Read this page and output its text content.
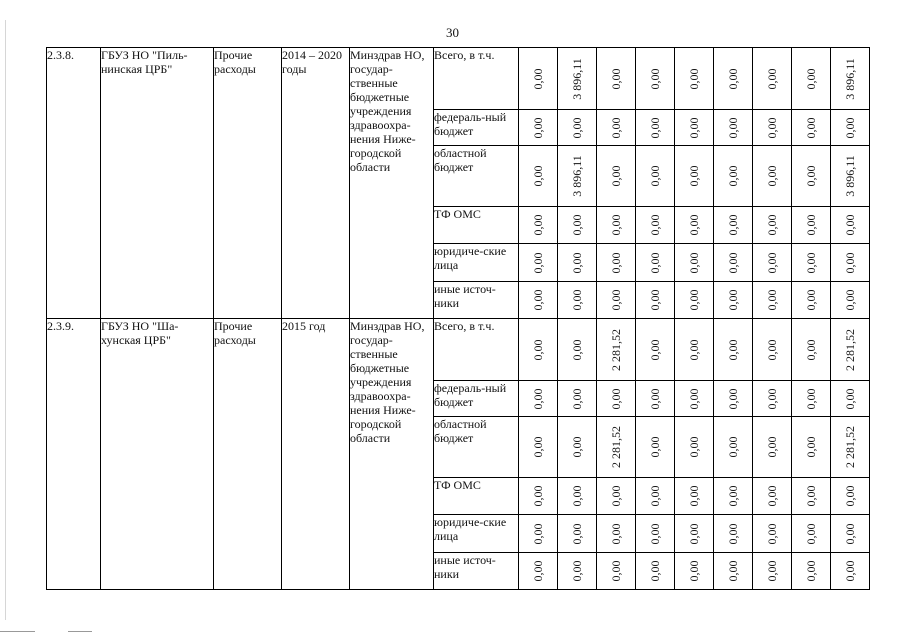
30
2.3.8.	ГБУЗ НО "Пиль-нинская ЦРБ"	Прочие расходы	2014 – 2020 годы	Минздрав НО, государ-ственные бюджетные учреждения здравоохра-нения Ниже-городской области	Всего, в т.ч.	0,00	3 896,11	0,00	0,00	0,00	0,00	0,00	0,00	3 896,11

					федераль-ный бюджет	0,00	0,00	0,00	0,00	0,00	0,00	0,00	0,00	0,00

					областной бюджет	0,00	3 896,11	0,00	0,00	0,00	0,00	0,00	0,00	3 896,11

					ТФ ОМС	0,00	0,00	0,00	0,00	0,00	0,00	0,00	0,00	0,00

					юридиче-ские лица	0,00	0,00	0,00	0,00	0,00	0,00	0,00	0,00	0,00

					иные источ-ники	0,00	0,00	0,00	0,00	0,00	0,00	0,00	0,00	0,00

2.3.9.	ГБУЗ НО "Ша-хунская ЦРБ"	Прочие расходы	2015 год	Минздрав НО, государ-ственные бюджетные учреждения здравоохра-нения Ниже-городской области	Всего, в т.ч.	0,00	0,00	2 281,52	0,00	0,00	0,00	0,00	0,00	2 281,52

					федераль-ный бюджет	0,00	0,00	0,00	0,00	0,00	0,00	0,00	0,00	0,00

					областной бюджет	0,00	0,00	2 281,52	0,00	0,00	0,00	0,00	0,00	2 281,52

					ТФ ОМС	0,00	0,00	0,00	0,00	0,00	0,00	0,00	0,00	0,00

					юридиче-ские лица	0,00	0,00	0,00	0,00	0,00	0,00	0,00	0,00	0,00

					иные источ-ники	0,00	0,00	0,00	0,00	0,00	0,00	0,00	0,00	0,00
